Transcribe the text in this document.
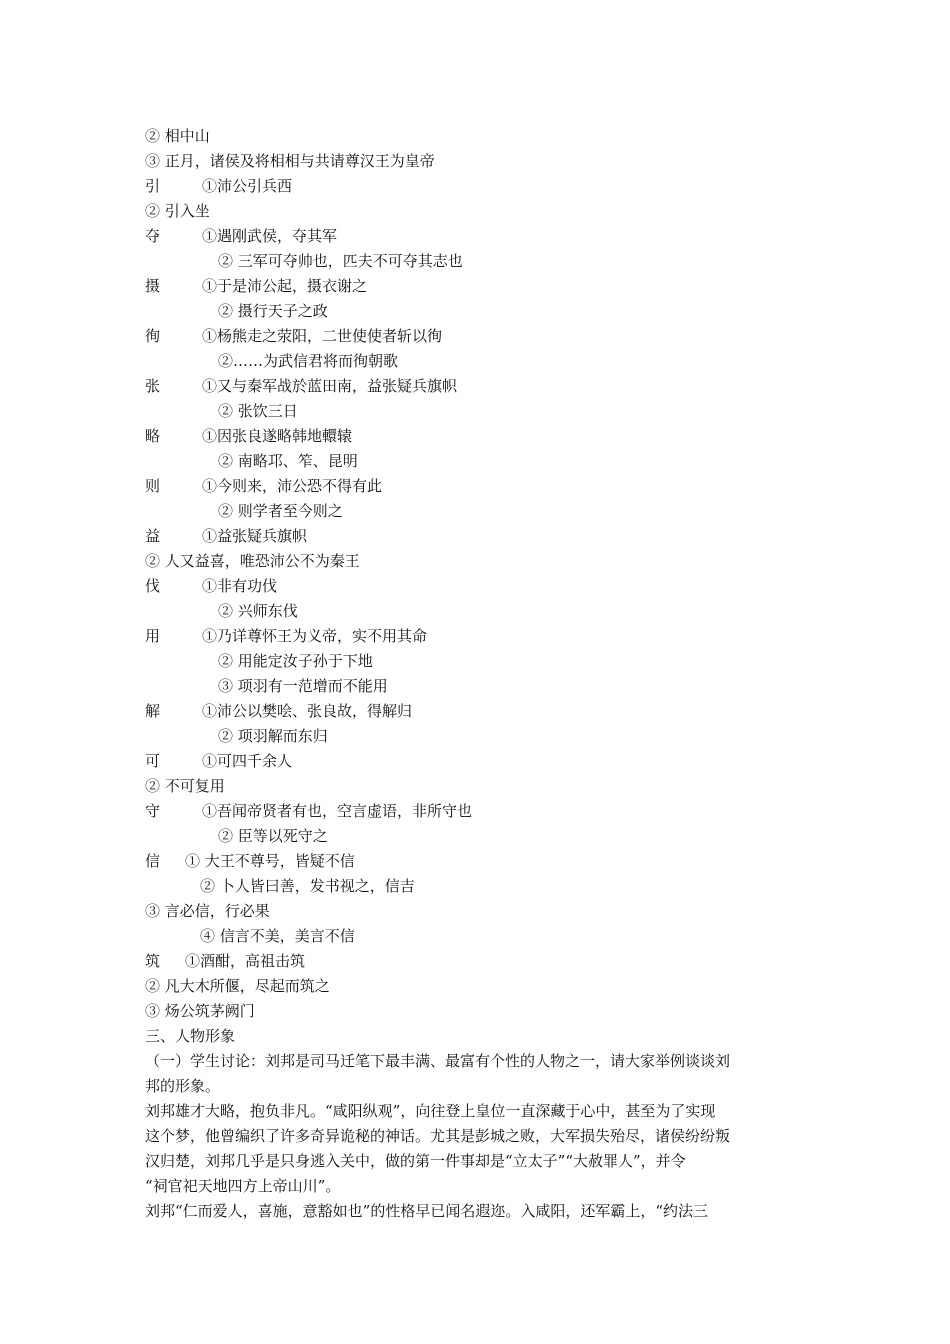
② 相中山
③ 正月，诸侯及将相相与共请尊汉王为皇帝
引	①沛公引兵西
② 引入坐
夺	①遇刚武侯，夺其军
② 三军可夺帅也，匹夫不可夺其志也
摄	①于是沛公起，摄衣谢之
② 摄行天子之政
徇	①杨熊走之荥阳，二世使使者斩以徇
②……为武信君将而徇朝歌
张	①又与秦军战於蓝田南，益张疑兵旗帜
② 张饮三日
略	①因张良遂略韩地轘辕
② 南略邛、笮、昆明
则	①今则来，沛公恐不得有此
② 则学者至今则之
益	①益张疑兵旗帜
② 人又益喜，唯恐沛公不为秦王
伐	①非有功伐
② 兴师东伐
用	①乃详尊怀王为义帝，实不用其命
② 用能定汝子孙于下地
③ 项羽有一范增而不能用
解	①沛公以樊哙、张良故，得解归
② 项羽解而东归
可	①可四千余人
② 不可复用
守	①吾闻帝贤者有也，空言虚语，非所守也
② 臣等以死守之
信 ① 大王不尊号，皆疑不信
② 卜人皆曰善，发书视之，信吉
③ 言必信，行必果
④ 信言不美，美言不信
筑 ①酒酣，高祖击筑
② 凡大木所偃，尽起而筑之
③ 炀公筑茅阙门
三、人物形象
（一）学生讨论：刘邦是司马迁笔下最丰满、最富有个性的人物之一，请大家举例谈谈刘
邦的形象。
刘邦雄才大略，抱负非凡。“咸阳纵观”，向往登上皇位一直深藏于心中，甚至为了实现
这个梦，他曾编织了许多奇异诡秘的神话。尤其是彭城之败，大军损失殆尽，诸侯纷纷叛
汉归楚，刘邦几乎是只身逃入关中，做的第一件事却是“立太子”“大赦罪人”，并令
“祠官祀天地四方上帝山川”。
刘邦“仁而爱人，喜施，意豁如也”的性格早已闻名遐迩。入咸阳，还军霸上，“约法三
